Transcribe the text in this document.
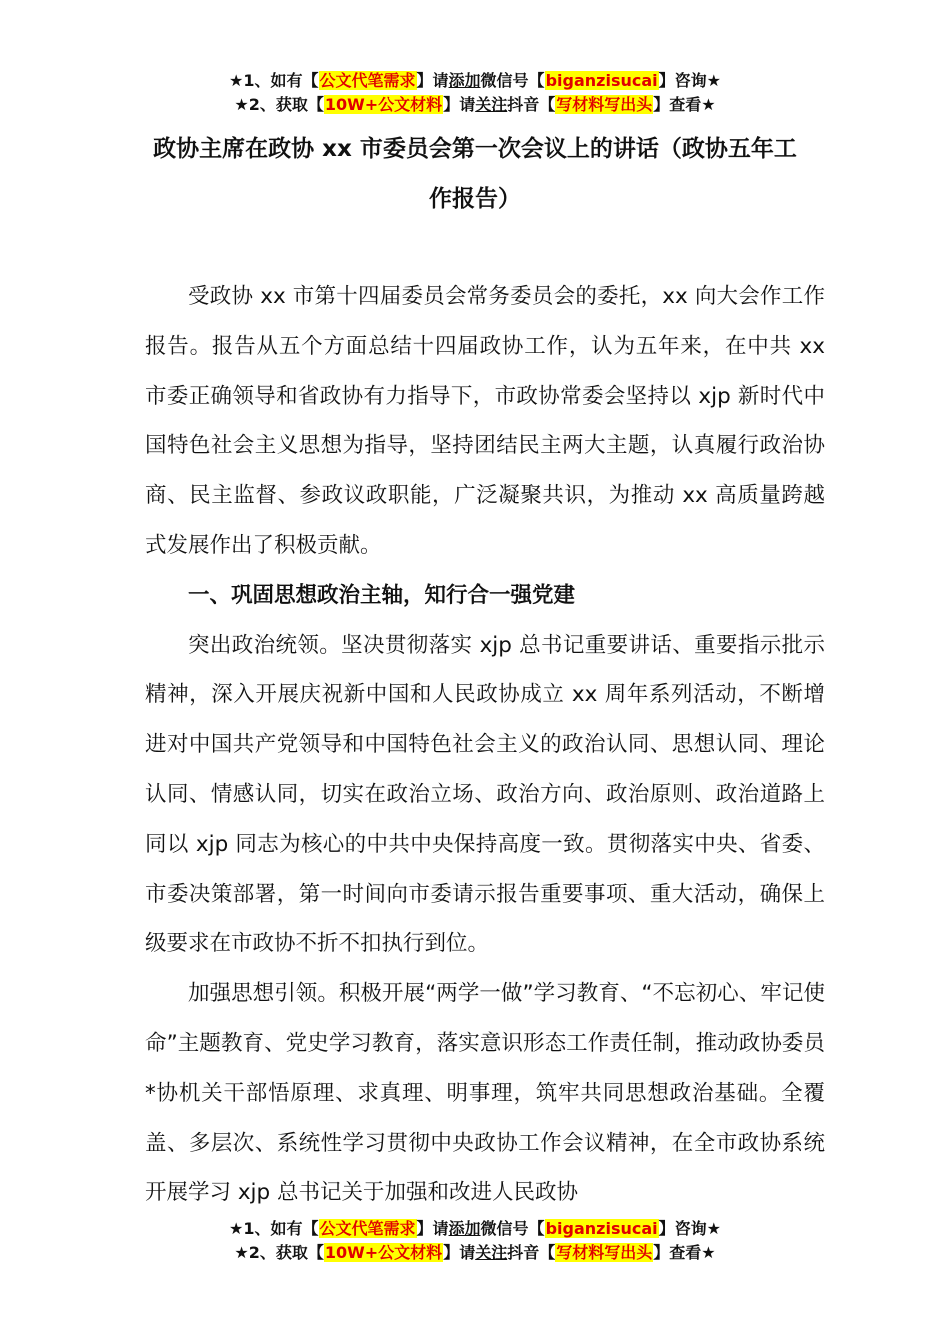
★1、如有【公文代笔需求】请添加微信号【biganzisucai】咨询★
★2、获取【10W+公文材料】请关注抖音【写材料写出头】查看★
政协主席在政协 xx 市委员会第一次会议上的讲话（政协五年工作报告）

受政协 xx 市第十四届委员会常务委员会的委托，xx 向大会作工作报告。报告从五个方面总结十四届政协工作，认为五年来，在中共 xx 市委正确领导和省政协有力指导下，市政协常委会坚持以 xjp 新时代中国特色社会主义思想为指导，坚持团结民主两大主题，认真履行政治协商、民主监督、参政议政职能，广泛凝聚共识，为推动 xx 高质量跨越式发展作出了积极贡献。

一、巩固思想政治主轴，知行合一强党建

突出政治统领。坚决贯彻落实 xjp 总书记重要讲话、重要指示批示精神，深入开展庆祝新中国和人民政协成立 xx 周年系列活动，不断增进对中国共产党领导和中国特色社会主义的政治认同、思想认同、理论认同、情感认同，切实在政治立场、政治方向、政治原则、政治道路上同以 xjp 同志为核心的中共中央保持高度一致。贯彻落实中央、省委、市委决策部署，第一时间向市委请示报告重要事项、重大活动，确保上级要求在市政协不折不扣执行到位。

加强思想引领。积极开展“两学一做”学习教育、“不忘初心、牢记使命”主题教育、党史学习教育，落实意识形态工作责任制，推动政协委员*协机关干部悟原理、求真理、明事理，筑牢共同思想政治基础。全覆盖、多层次、系统性学习贯彻中央政协工作会议精神，在全市政协系统开展学习 xjp 总书记关于加强和改进人民政协

★1、如有【公文代笔需求】请添加微信号【biganzisucai】咨询★
★2、获取【10W+公文材料】请关注抖音【写材料写出头】查看★
